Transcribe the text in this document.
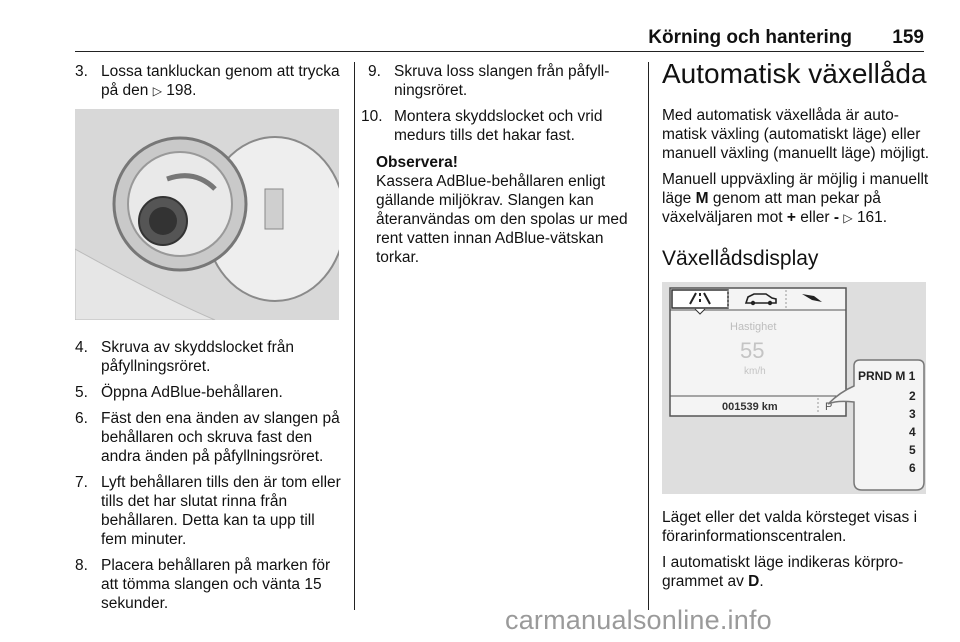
Körning och hantering 159
3. Lossa tankluckan genom att trycka på den ▷ 198.
4. Skruva av skyddslocket från påfyllningsröret.
5. Öppna AdBlue-behållaren.
6. Fäst den ena änden av slangen på behållaren och skruva fast den andra änden på påfyllningsröret.
7. Lyft behållaren tills den är tom eller tills det har slutat rinna från behållaren. Detta kan ta upp till fem minuter.
8. Placera behållaren på marken för att tömma slangen och vänta 15 sekunder.
9. Skruva loss slangen från påfyllningsröret.
10. Montera skyddslocket och vrid medurs tills det hakar fast.
Observera!
Kassera AdBlue-behållaren enligt gällande miljökrav. Slangen kan återanvändas om den spolas ur med rent vatten innan AdBlue-vätskan torkar.
Automatisk växellåda
Med automatisk växellåda är automatisk växling (automatiskt läge) eller manuell växling (manuellt läge) möjligt.
Manuell uppväxling är möjlig i manuellt läge M genom att man pekar på växelväljaren mot + eller - ▷ 161.
Växellådsdisplay
Hastighet
55
km/h
001539 km	P
PRND M 1
2
3
4
5
6
Läget eller det valda körsteget visas i förarinformationscentralen.
I automatiskt läge indikeras körprogrammet av D.
carmanualsonline.info
